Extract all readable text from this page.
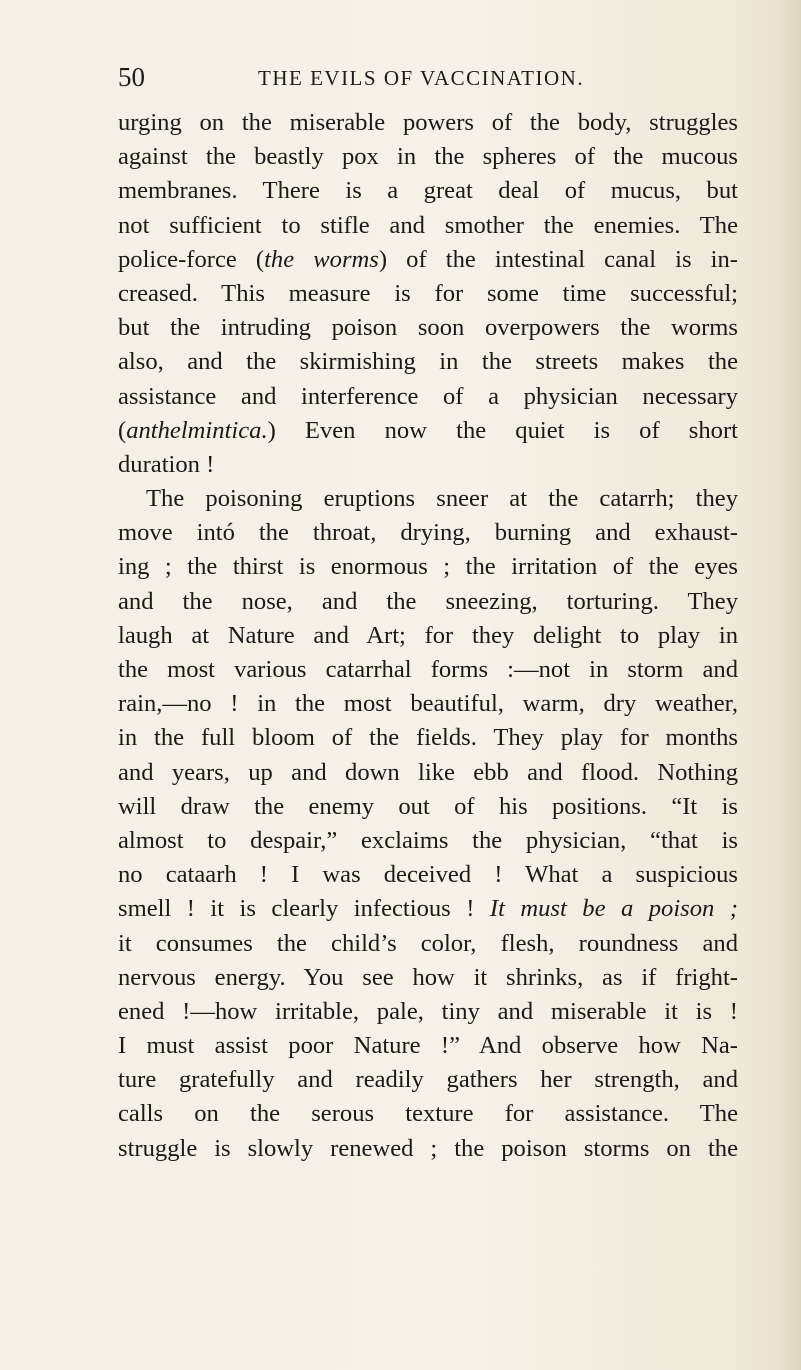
50	THE EVILS OF VACCINATION.
urging on the miserable powers of the body, struggles
against the beastly pox in the spheres of the mucous
membranes. There is a great deal of mucus, but
not sufficient to stifle and smother the enemies. The
police-force (the worms) of the intestinal canal is in-
creased. This measure is for some time successful;
but the intruding poison soon overpowers the worms
also, and the skirmishing in the streets makes the
assistance and interference of a physician necessary
(anthelmintica.) Even now the quiet is of short
duration !
The poisoning eruptions sneer at the catarrh; they
move intó the throat, drying, burning and exhaust-
ing ; the thirst is enormous ; the irritation of the eyes
and the nose, and the sneezing, torturing. They
laugh at Nature and Art; for they delight to play in
the most various catarrhal forms :—not in storm and
rain,—no ! in the most beautiful, warm, dry weather,
in the full bloom of the fields. They play for months
and years, up and down like ebb and flood. Nothing
will draw the enemy out of his positions. “It is
almost to despair,” exclaims the physician, “that is
no cataarh ! I was deceived ! What a suspicious
smell ! it is clearly infectious ! It must be a poison ;
it consumes the child’s color, flesh, roundness and
nervous energy. You see how it shrinks, as if fright-
ened !—how irritable, pale, tiny and miserable it is !
I must assist poor Nature !” And observe how Na-
ture gratefully and readily gathers her strength, and
calls on the serous texture for assistance. The
struggle is slowly renewed ; the poison storms on the
